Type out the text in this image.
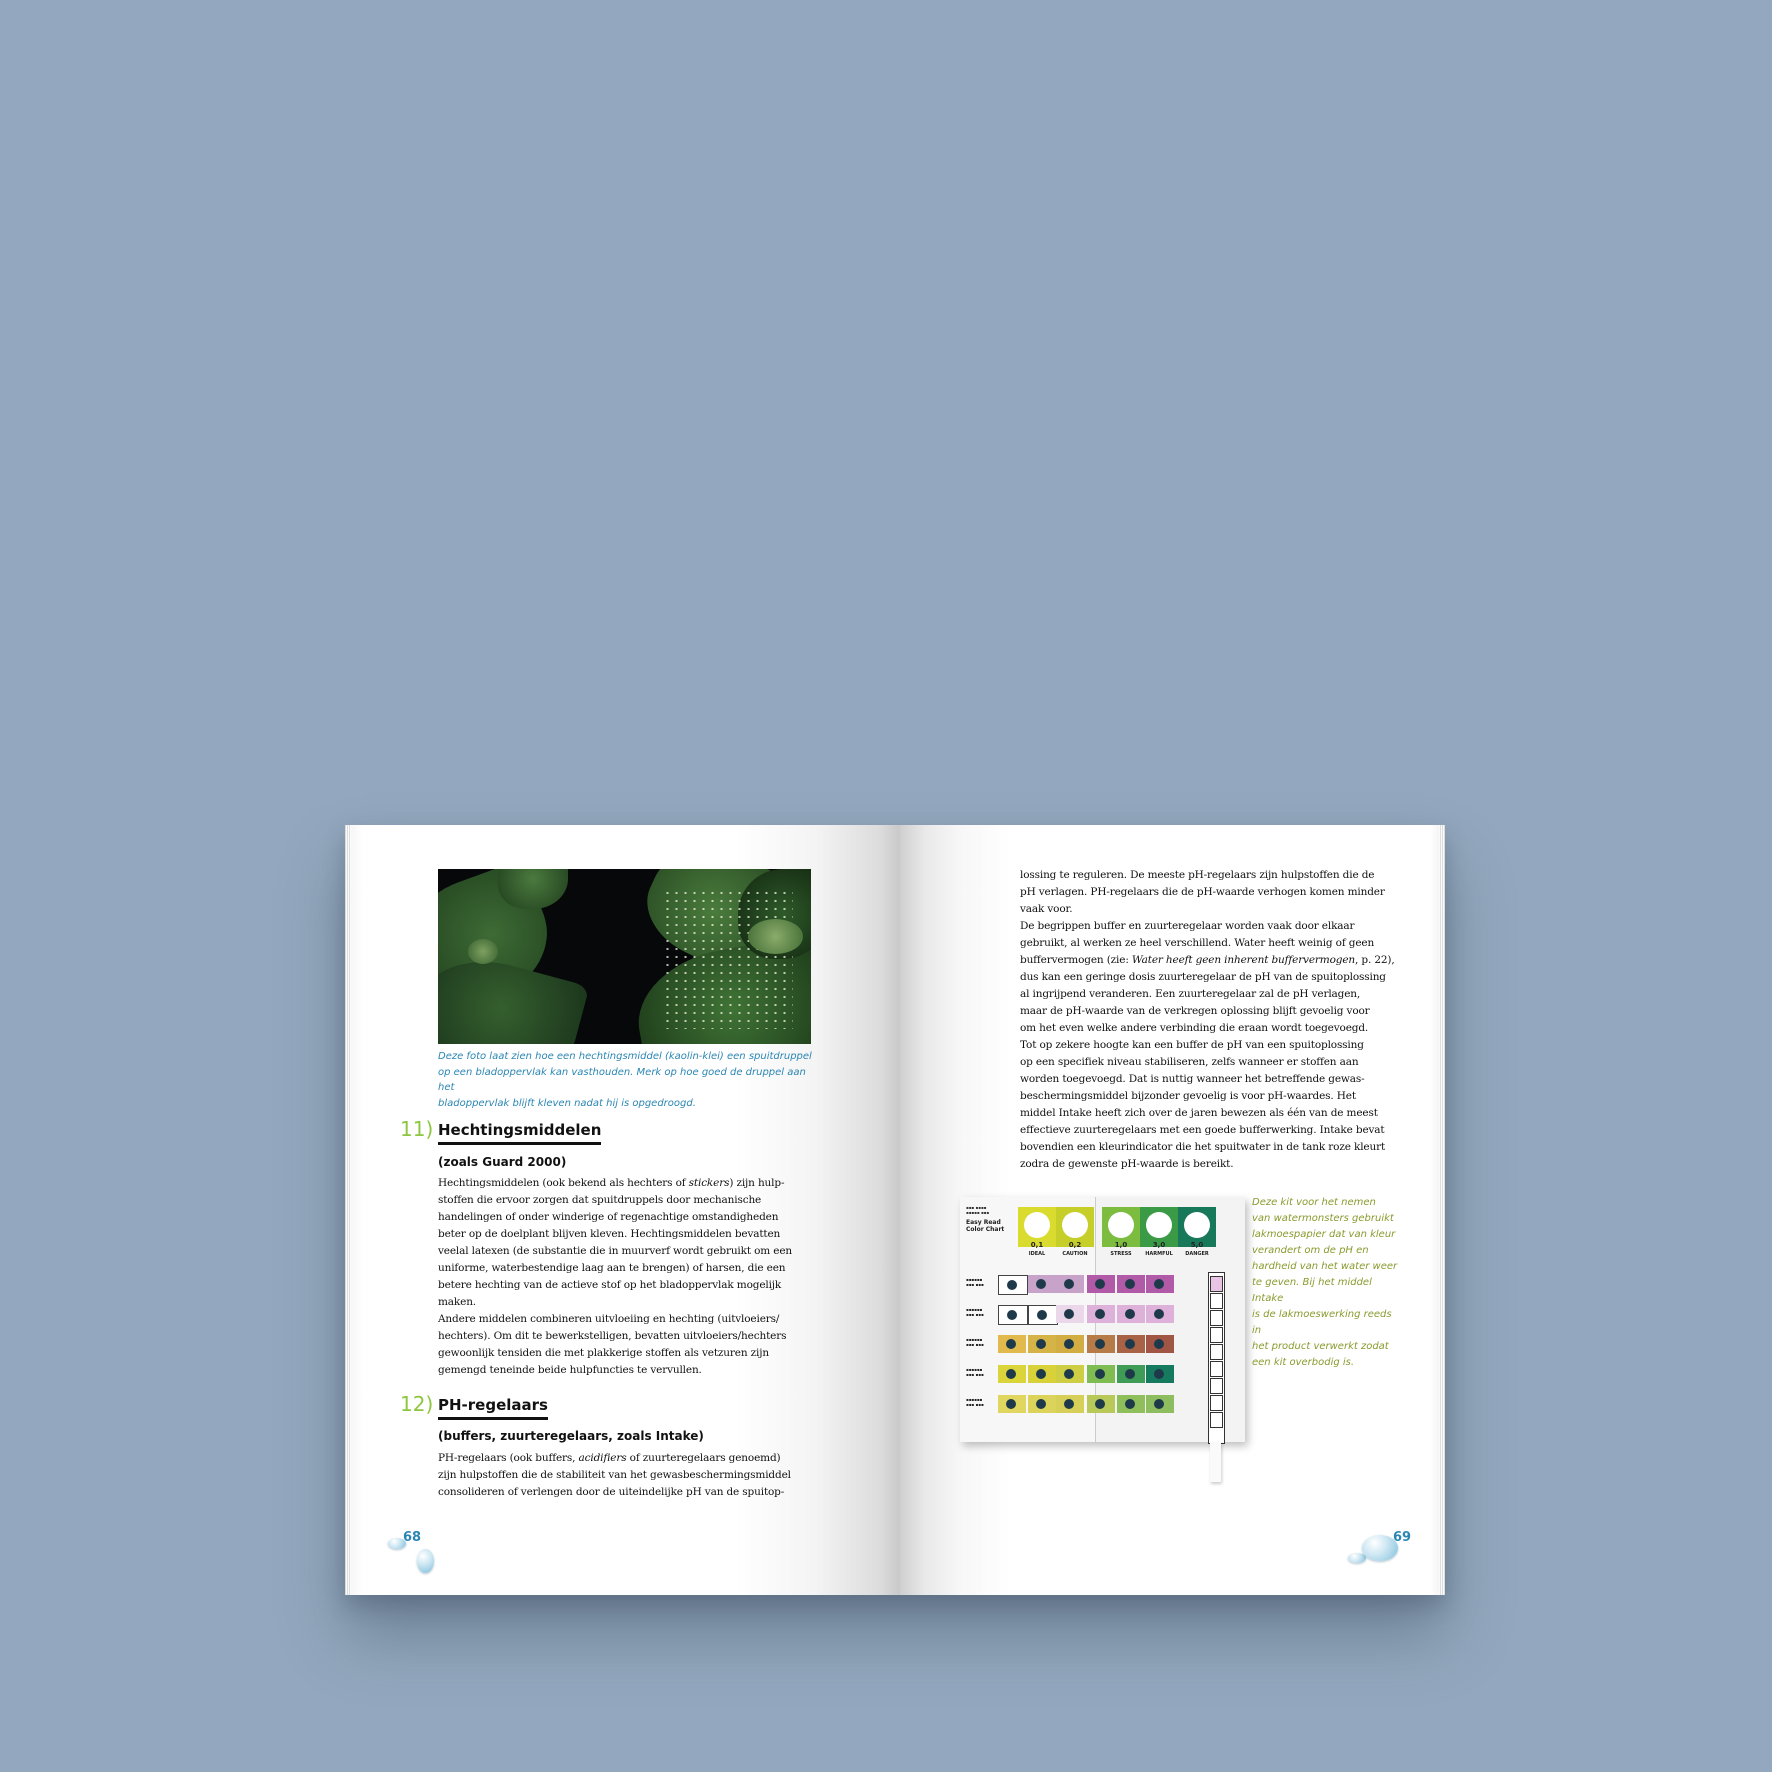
Deze foto laat zien hoe een hechtingsmiddel (kaolin-klei) een spuitdruppel
op een bladoppervlak kan vasthouden. Merk op hoe goed de druppel aan het
bladoppervlak blijft kleven nadat hij is opgedroogd.
11) Hechtingsmiddelen
(zoals Guard 2000)
Hechtingsmiddelen (ook bekend als hechters of stickers) zijn hulp-
stoffen die ervoor zorgen dat spuitdruppels door mechanische
handelingen of onder winderige of regenachtige omstandigheden
beter op de doelplant blijven kleven. Hechtingsmiddelen bevatten
veelal latexen (de substantie die in muurverf wordt gebruikt om een
uniforme, waterbestendige laag aan te brengen) of harsen, die een
betere hechting van de actieve stof op het bladoppervlak mogelijk
maken.
Andere middelen combineren uitvloeiing en hechting (uitvloeiers/
hechters). Om dit te bewerkstelligen, bevatten uitvloeiers/hechters
gewoonlijk tensiden die met plakkerige stoffen als vetzuren zijn
gemengd teneinde beide hulpfuncties te vervullen.
12) PH-regelaars
(buffers, zuurteregelaars, zoals Intake)
PH-regelaars (ook buffers, acidifiers of zuurteregelaars genoemd)
zijn hulpstoffen die de stabiliteit van het gewasbeschermingsmiddel
consolideren of verlengen door de uiteindelijke pH van de spuitop-
68
lossing te reguleren. De meeste pH-regelaars zijn hulpstoffen die de
pH verlagen. PH-regelaars die de pH-waarde verhogen komen minder
vaak voor.
De begrippen buffer en zuurteregelaar worden vaak door elkaar
gebruikt, al werken ze heel verschillend. Water heeft weinig of geen
buffervermogen (zie: Water heeft geen inherent buffervermogen, p. 22),
dus kan een geringe dosis zuurteregelaar de pH van de spuitoplossing
al ingrijpend veranderen. Een zuurteregelaar zal de pH verlagen,
maar de pH-waarde van de verkregen oplossing blijft gevoelig voor
om het even welke andere verbinding die eraan wordt toegevoegd.
Tot op zekere hoogte kan een buffer de pH van een spuitoplossing
op een specifiek niveau stabiliseren, zelfs wanneer er stoffen aan
worden toegevoegd. Dat is nuttig wanneer het betreffende gewas-
beschermingsmiddel bijzonder gevoelig is voor pH-waardes. Het
middel Intake heeft zich over de jaren bewezen als één van de meest
effectieve zuurteregelaars met een goede bufferwerking. Intake bevat
bovendien een kleurindicator die het spuitwater in de tank roze kleurt
zodra de gewenste pH-waarde is bereikt.
▪▪▪ ▪▪▪▪
▪▪▪▪▪ ▪▪▪
Easy Read
Color Chart
0,1
IDEAL
0,2
CAUTION
1,0
STRESS
3,0
HARMFUL
5,0
DANGER
▪▪▪▪▪▪
▪▪▪ ▪▪▪
▪▪▪▪▪▪
▪▪▪ ▪▪▪
▪▪▪▪▪▪
▪▪▪ ▪▪▪
▪▪▪▪▪▪
▪▪▪ ▪▪▪
▪▪▪▪▪▪
▪▪▪ ▪▪▪
Deze kit voor het nemen
van watermonsters gebruikt
lakmoespapier dat van kleur
verandert om de pH en
hardheid van het water weer
te geven. Bij het middel Intake
is de lakmoeswerking reeds in
het product verwerkt zodat
een kit overbodig is.
69
